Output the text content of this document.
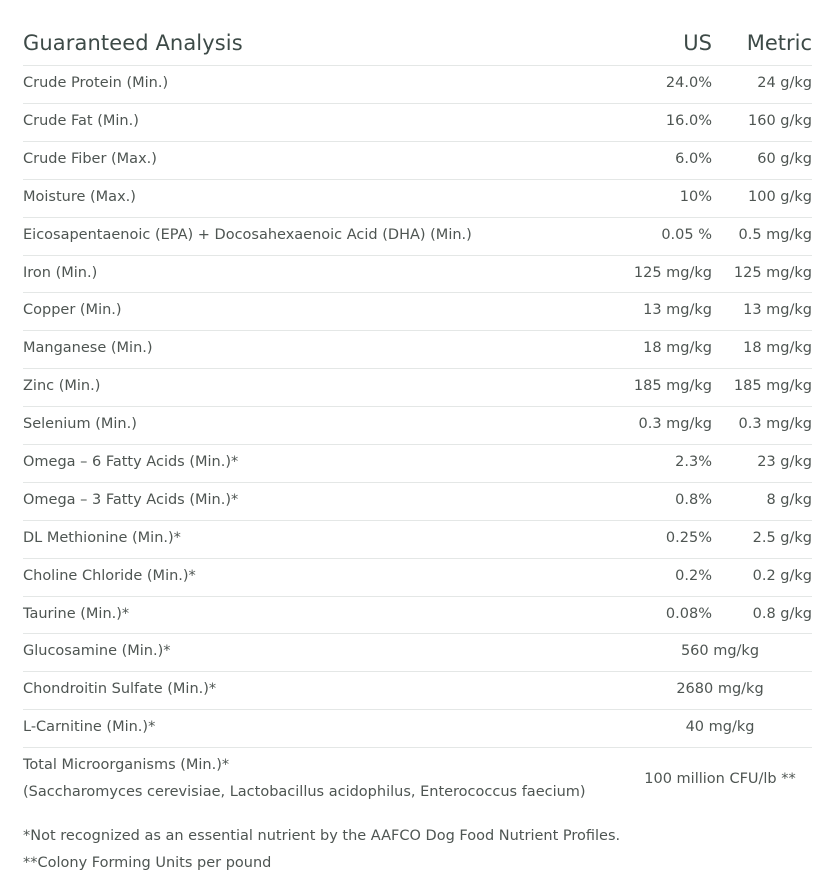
Guaranteed Analysis	US Metric
Crude Protein (Min.)	24.0%	24 g/kg
Crude Fat (Min.)	16.0% 160 g/kg
Crude Fiber (Max.)	6.0%	60 g/kg
Moisture (Max.)	10% 100 g/kg
Eicosapentaenoic (EPA) + Docosahexaenoic Acid (DHA) (Min.)	0.05 % 0.5 mg/kg
Iron (Min.)	125 mg/kg 125 mg/kg
Copper (Min.)	13 mg/kg 13 mg/kg
Manganese (Min.)	18 mg/kg 18 mg/kg
Zinc (Min.)	185 mg/kg 185 mg/kg
Selenium (Min.)	0.3 mg/kg 0.3 mg/kg
Omega – 6 Fatty Acids (Min.)*	2.3%	23 g/kg
Omega – 3 Fatty Acids (Min.)*	0.8%	8 g/kg
DL Methionine (Min.)*	0.25%	2.5 g/kg
Choline Chloride (Min.)*	0.2%	0.2 g/kg
Taurine (Min.)*	0.08%	0.8 g/kg
Glucosamine (Min.)*	560 mg/kg
Chondroitin Sulfate (Min.)*	2680 mg/kg
L-Carnitine (Min.)*	40 mg/kg
Total Microorganisms (Min.)*
(Saccharomyces cerevisiae, Lactobacillus acidophilus, Enterococcus faecium)
100 million CFU/lb **
*Not recognized as an essential nutrient by the AAFCO Dog Food Nutrient Profiles.
**Colony Forming Units per pound
